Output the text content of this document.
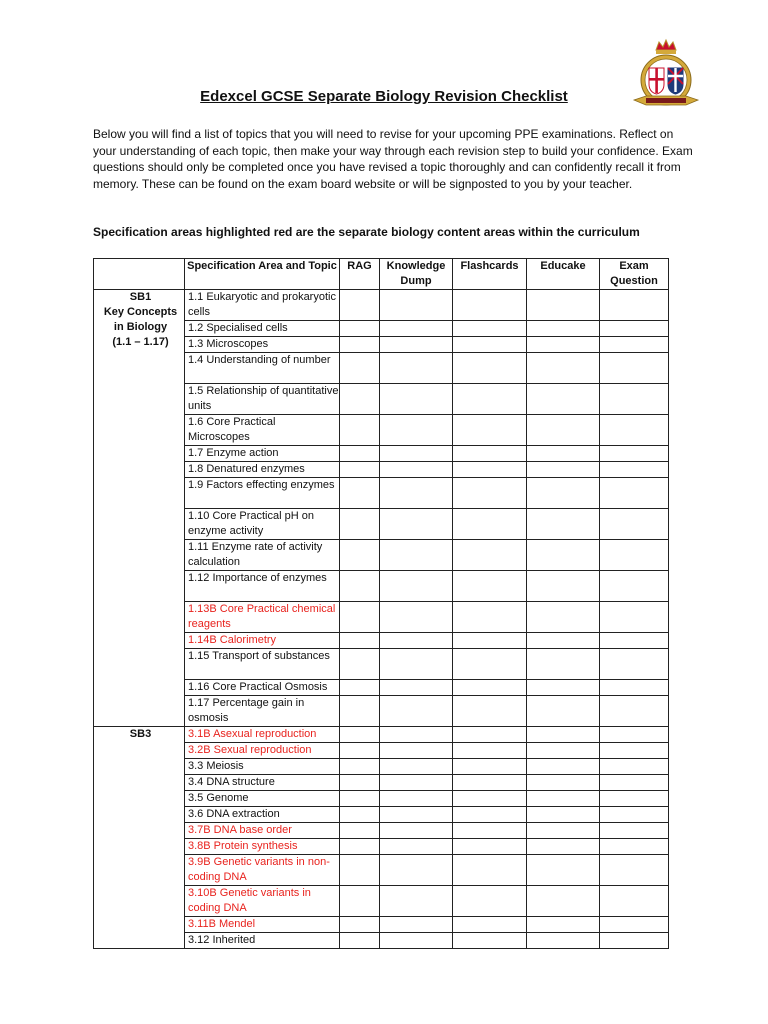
Edexcel GCSE Separate Biology Revision Checklist
Below you will find a list of topics that you will need to revise for your upcoming PPE examinations. Reflect on your understanding of each topic, then make your way through each revision step to build your confidence. Exam questions should only be completed once you have revised a topic thoroughly and can confidently recall it from memory. These can be found on the exam board website or will be signposted to you by your teacher.
Specification areas highlighted red are the separate biology content areas within the curriculum
	Specification Area and Topic	RAG	Knowledge Dump	Flashcards	Educake	Exam Question

SB1
Key Concepts
in Biology
(1.1 – 1.17)	1.1 Eukaryotic and prokaryotic cells					
	1.2 Specialised cells					
	1.3 Microscopes					
	1.4 Understanding of number					
	1.5 Relationship of quantitative units					
	1.6 Core Practical Microscopes					
	1.7 Enzyme action					
	1.8 Denatured enzymes					
	1.9 Factors effecting enzymes					
	1.10 Core Practical pH on enzyme activity					
	1.11 Enzyme rate of activity calculation					
	1.12 Importance of enzymes					
	1.13B Core Practical chemical reagents					
	1.14B Calorimetry					
	1.15 Transport of substances					
	1.16 Core Practical Osmosis					
	1.17 Percentage gain in osmosis					

SB3	3.1B Asexual reproduction					
	3.2B Sexual reproduction					
	3.3 Meiosis					
	3.4 DNA structure					
	3.5 Genome					
	3.6 DNA extraction					
	3.7B DNA base order					
	3.8B Protein synthesis					
	3.9B Genetic variants in non-coding DNA					
	3.10B Genetic variants in coding DNA					
	3.11B Mendel					
	3.12 Inherited					
